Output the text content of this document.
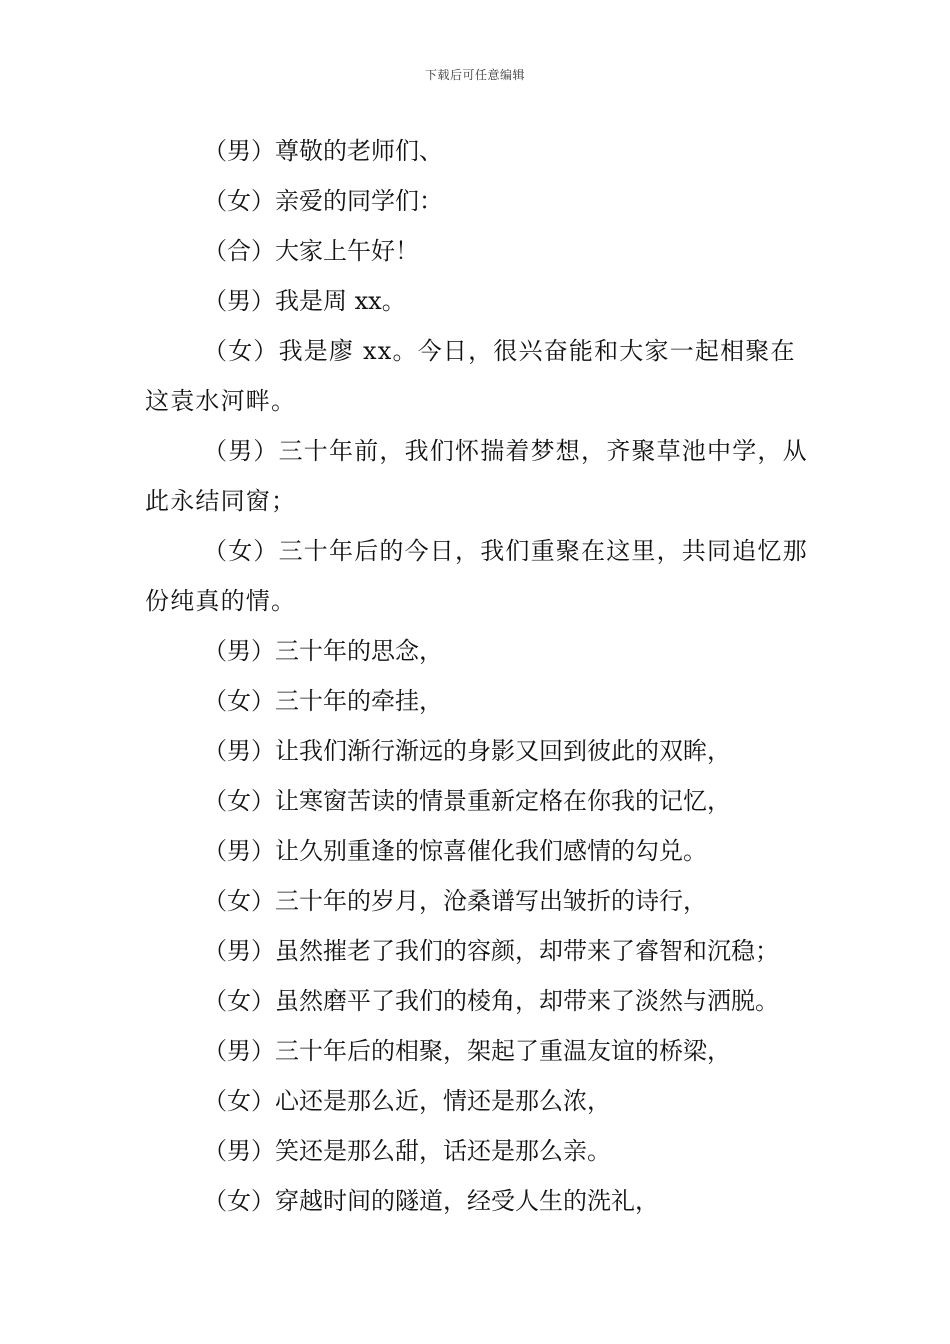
下载后可任意编辑

（男）尊敬的老师们、

（女）亲爱的同学们：

（合）大家上午好！

（男）我是周 xx。

（女）我是廖 xx。今日，很兴奋能和大家一起相聚在这袁水河畔。

（男）三十年前，我们怀揣着梦想，齐聚草池中学，从此永结同窗；

（女）三十年后的今日，我们重聚在这里，共同追忆那份纯真的情。

（男）三十年的思念，

（女）三十年的牵挂，

（男）让我们渐行渐远的身影又回到彼此的双眸，

（女）让寒窗苦读的情景重新定格在你我的记忆，

（男）让久别重逢的惊喜催化我们感情的勾兑。

（女）三十年的岁月，沧桑谱写出皱折的诗行，

（男）虽然摧老了我们的容颜，却带来了睿智和沉稳；

（女）虽然磨平了我们的棱角，却带来了淡然与洒脱。

（男）三十年后的相聚，架起了重温友谊的桥梁，

（女）心还是那么近，情还是那么浓，

（男）笑还是那么甜，话还是那么亲。

（女）穿越时间的隧道，经受人生的洗礼，
